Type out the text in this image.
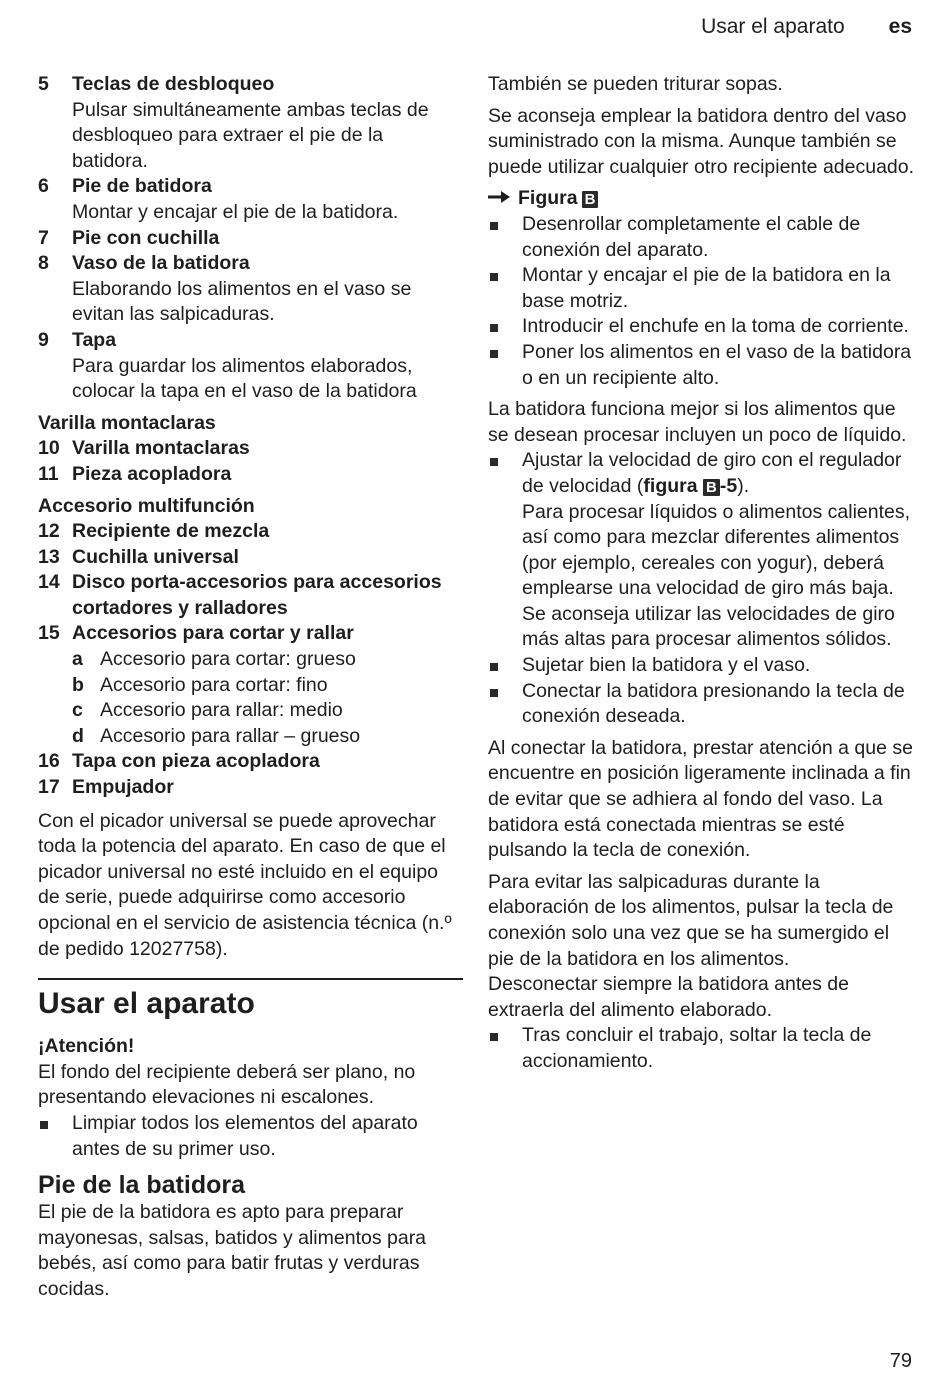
Usar el aparato es
5	Teclas de desbloqueo
Pulsar simultáneamente ambas teclas de desbloqueo para extraer el pie de la batidora.
6	Pie de batidora
Montar y encajar el pie de la batidora.
7	Pie con cuchilla
8	Vaso de la batidora
Elaborando los alimentos en el vaso se evitan las salpicaduras.
9	Tapa
Para guardar los alimentos elaborados, colocar la tapa en el vaso de la batidora
Varilla montaclaras
10 Varilla montaclaras
11 Pieza acopladora
Accesorio multifunción
12 Recipiente de mezcla
13 Cuchilla universal
14 Disco porta-accesorios para accesorios cortadores y ralladores
15 Accesorios para cortar y rallar
a Accesorio para cortar: grueso
b Accesorio para cortar: fino
c Accesorio para rallar: medio
d Accesorio para rallar – grueso
16 Tapa con pieza acopladora
17 Empujador
Con el picador universal se puede aprovechar toda la potencia del aparato. En caso de que el picador universal no esté incluido en el equipo de serie, puede adquirirse como accesorio opcional en el servicio de asistencia técnica (n.º de pedido 12027758).
Usar el aparato
¡Atención!
El fondo del recipiente deberá ser plano, no presentando elevaciones ni escalones.
Limpiar todos los elementos del aparato antes de su primer uso.
Pie de la batidora
El pie de la batidora es apto para preparar mayonesas, salsas, batidos y alimentos para bebés, así como para batir frutas y verduras cocidas.
También se pueden triturar sopas.
Se aconseja emplear la batidora dentro del vaso suministrado con la misma. Aunque también se puede utilizar cualquier otro recipiente adecuado.
Figura B
Desenrollar completamente el cable de conexión del aparato.
Montar y encajar el pie de la batidora en la base motriz.
Introducir el enchufe en la toma de corriente.
Poner los alimentos en el vaso de la batidora o en un recipiente alto.
La batidora funciona mejor si los alimentos que se desean procesar incluyen un poco de líquido.
Ajustar la velocidad de giro con el regulador de velocidad (figura B -5).
Para procesar líquidos o alimentos calientes, así como para mezclar diferentes alimentos (por ejemplo, cereales con yogur), deberá emplearse una velocidad de giro más baja. Se aconseja utilizar las velocidades de giro más altas para procesar alimentos sólidos.
Sujetar bien la batidora y el vaso.
Conectar la batidora presionando la tecla de conexión deseada.
Al conectar la batidora, prestar atención a que se encuentre en posición ligeramente inclinada a fin de evitar que se adhiera al fondo del vaso. La batidora está conectada mientras se esté pulsando la tecla de conexión.
Para evitar las salpicaduras durante la elaboración de los alimentos, pulsar la tecla de conexión solo una vez que se ha sumergido el pie de la batidora en los alimentos.
Desconectar siempre la batidora antes de extraerla del alimento elaborado.
Tras concluir el trabajo, soltar la tecla de accionamiento.
79
